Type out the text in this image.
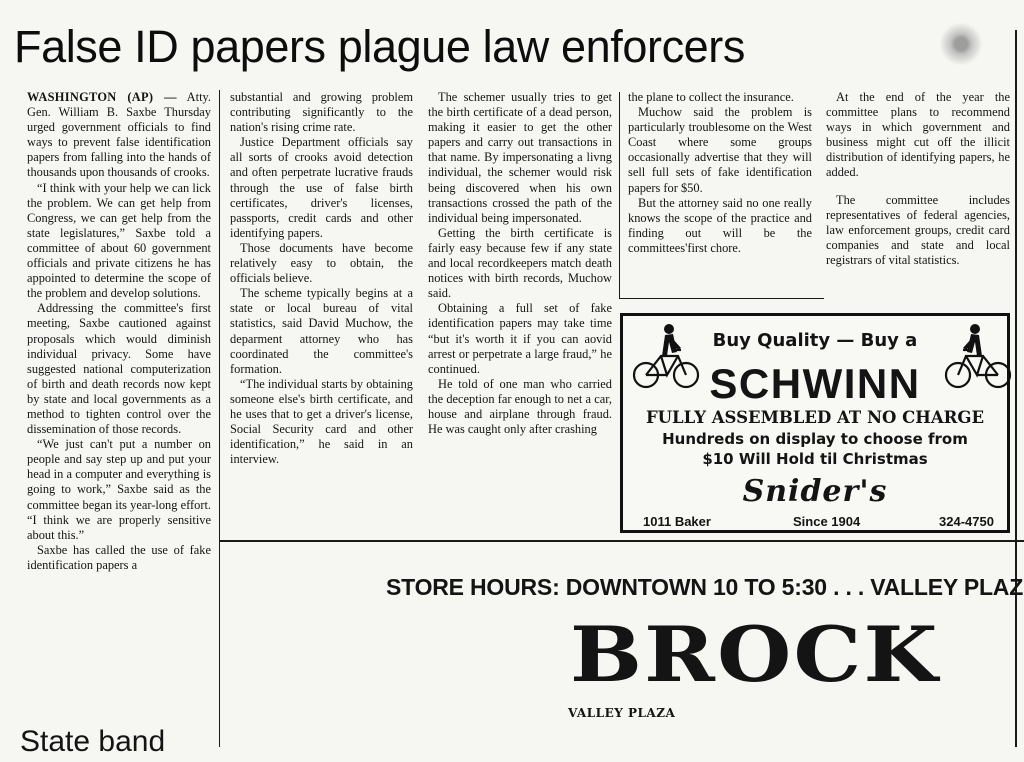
False ID papers plague law enforcers

WASHINGTON (AP) — Atty. Gen. William B. Saxbe Thursday urged government officials to find ways to prevent false identification papers from falling into the hands of thousands upon thousands of crooks.

“I think with your help we can lick the problem. We can get help from Congress, we can get help from the state legislatures,” Saxbe told a committee of about 60 government officials and private citizens he has appointed to determine the scope of the problem and develop solutions.

Addressing the committee's first meeting, Saxbe cautioned against proposals which would diminish individual privacy. Some have suggested national computerization of birth and death records now kept by state and local governments as a method to tighten control over the dissemination of those records.

“We just can't put a number on people and say step up and put your head in a computer and everything is going to work,” Saxbe said as the committee began its year-long effort. “I think we are properly sensitive about this.”

Saxbe has called the use of fake identification papers a

substantial and growing problem contributing significantly to the nation's rising crime rate.

Justice Department officials say all sorts of crooks avoid detection and often perpetrate lucrative frauds through the use of false birth certificates, driver's licenses, passports, credit cards and other identifying papers.

Those documents have become relatively easy to obtain, the officials believe.

The scheme typically begins at a state or local bureau of vital statistics, said David Muchow, the deparment attorney who has coordinated the committee's formation.

“The individual starts by obtaining someone else's birth certificate, and he uses that to get a driver's license, Social Security card and other identification,” he said in an interview.

The schemer usually tries to get the birth certificate of a dead person, making it easier to get the other papers and carry out transactions in that name. By impersonating a livng individual, the schemer would risk being discovered when his own transactions crossed the path of the individual being impersonated.

Getting the birth certificate is fairly easy because few if any state and local recordkeepers match death notices with birth records, Muchow said.

Obtaining a full set of fake identification papers may take time “but it's worth it if you can aovid arrest or perpetrate a large fraud,” he continued.

He told of one man who carried the deception far enough to net a car, house and airplane through fraud. He was caught only after crashing

the plane to collect the insurance.

Muchow said the problem is particularly troublesome on the West Coast where some groups occasionally advertise that they will sell full sets of fake identification papers for $50.

But the attorney said no one really knows the scope of the practice and finding out will be the committees'first chore.

At the end of the year the committee plans to recommend ways in which government and business might cut off the illicit distribution of identifying papers, he added.

The committee includes representatives of federal agencies, law enforcement groups, credit card companies and state and local registrars of vital statistics.

State band
Buy Quality — Buy a
SCHWINN
FULLY ASSEMBLED AT NO CHARGE
Hundreds on display to choose from
$10 Will Hold til Christmas
Snider's
1011 Baker	Since 1904	324-4750
STORE HOURS: DOWNTOWN 10 TO 5:30 . . . VALLEY PLAZ
BROCK
VALLEY PLAZA
